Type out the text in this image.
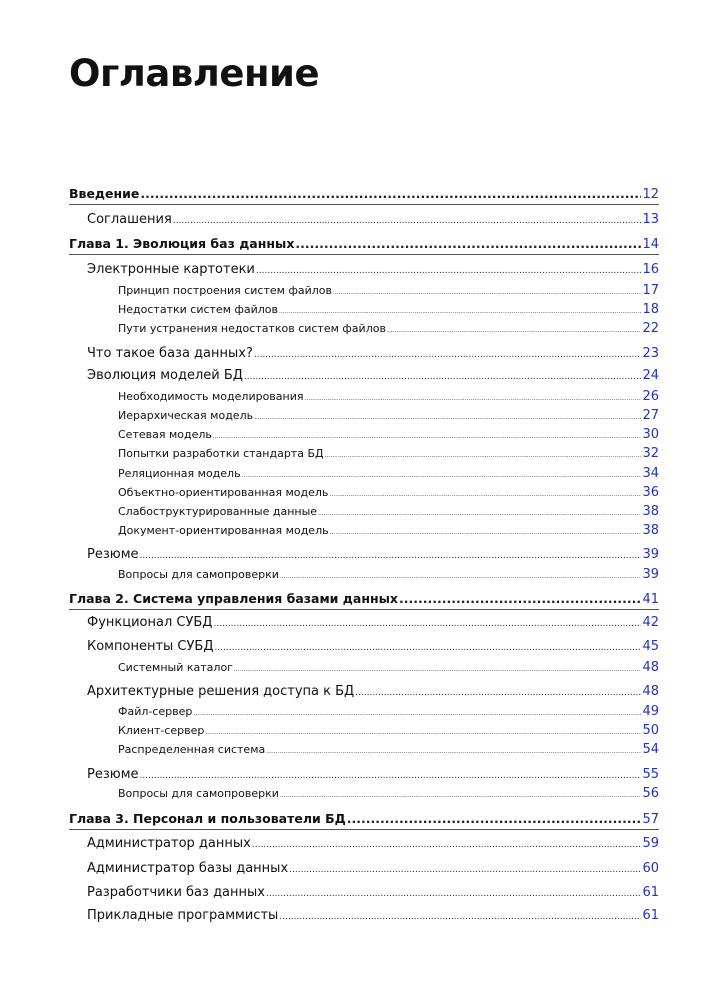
Оглавление
Введение .....	12
Соглашения .....	13
Глава 1. Эволюция баз данных .....	14
Электронные картотеки .....	16
Принцип построения систем файлов .....	17
Недостатки систем файлов .....	18
Пути устранения недостатков систем файлов .....	22
Что такое база данных? .....	23
Эволюция моделей БД .....	24
Необходимость моделирования .....	26
Иерархическая модель .....	27
Сетевая модель .....	30
Попытки разработки стандарта БД .....	32
Реляционная модель .....	34
Объектно-ориентированная модель .....	36
Слабоструктурированные данные .....	38
Документ-ориентированная модель .....	38
Резюме .....	39
Вопросы для самопроверки .....	39
Глава 2. Система управления базами данных .....	41
Функционал СУБД .....	42
Компоненты СУБД .....	45
Системный каталог .....	48
Архитектурные решения доступа к БД .....	48
Файл-сервер .....	49
Клиент-сервер .....	50
Распределенная система .....	54
Резюме .....	55
Вопросы для самопроверки .....	56
Глава 3. Персонал и пользователи БД .....	57
Администратор данных .....	59
Администратор базы данных .....	60
Разработчики баз данных .....	61
Прикладные программисты .....	61
